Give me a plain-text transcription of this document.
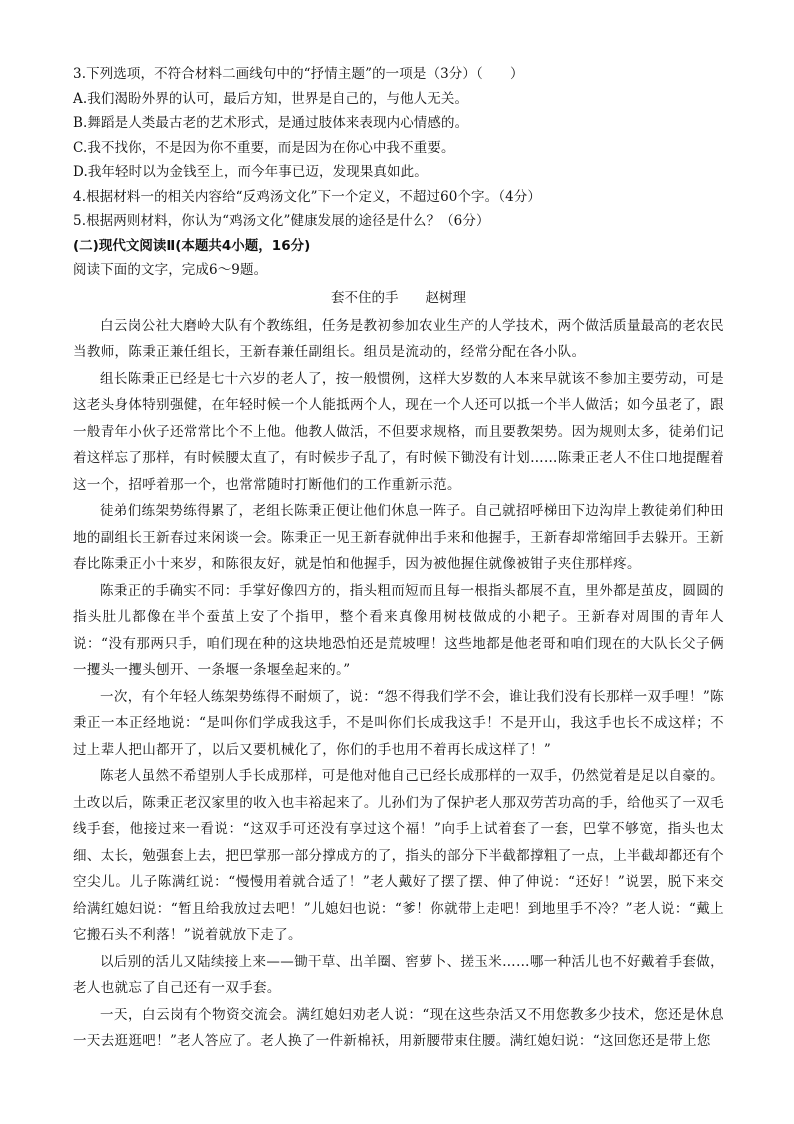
3.下列选项，不符合材料二画线句中的“抒情主题”的一项是（3分）（　　）

A.我们渴盼外界的认可，最后方知，世界是自己的，与他人无关。

B.舞蹈是人类最古老的艺术形式，是通过肢体来表现内心情感的。

C.我不找你，不是因为你不重要，而是因为在你心中我不重要。

D.我年轻时以为金钱至上，而今年事已迈，发现果真如此。

4.根据材料一的相关内容给“反鸡汤文化”下一个定义，不超过60个字。（4分）

5.根据两则材料，你认为“鸡汤文化”健康发展的途径是什么？（6分）

(二)现代文阅读Ⅱ(本题共4小题，16分)

阅读下面的文字，完成6～9题。

套不住的手　　赵树理

白云岗公社大磨岭大队有个教练组，任务是教初参加农业生产的人学技术，两个做活质量最高的老农民当教师，陈秉正兼任组长，王新春兼任副组长。组员是流动的，经常分配在各小队。

组长陈秉正已经是七十六岁的老人了，按一般惯例，这样大岁数的人本来早就该不参加主要劳动，可是这老头身体特别强健，在年轻时候一个人能抵两个人，现在一个人还可以抵一个半人做活；如今虽老了，跟一般青年小伙子还常常比个不上他。他教人做活，不但要求规格，而且要教架势。因为规则太多，徒弟们记着这样忘了那样，有时候腰太直了，有时候步子乱了，有时候下锄没有计划……陈秉正老人不住口地提醒着这一个，招呼着那一个，也常常随时打断他们的工作重新示范。

徒弟们练架势练得累了，老组长陈秉正便让他们休息一阵子。自己就招呼梯田下边沟岸上教徒弟们种田地的副组长王新春过来闲谈一会。陈秉正一见王新春就伸出手来和他握手，王新春却常缩回手去躲开。王新春比陈秉正小十来岁，和陈很友好，就是怕和他握手，因为被他握住就像被钳子夹住那样疼。

陈秉正的手确实不同：手掌好像四方的，指头粗而短而且每一根指头都展不直，里外都是茧皮，圆圆的指头肚儿都像在半个蚕茧上安了个指甲，整个看来真像用树枝做成的小耙子。王新春对周围的青年人说：“没有那两只手，咱们现在种的这块地恐怕还是荒坡哩！这些地都是他老哥和咱们现在的大队长父子俩一攫头一攫头刨开、一条堰一条堰垒起来的。”

一次，有个年轻人练架势练得不耐烦了，说：“怨不得我们学不会，谁让我们没有长那样一双手哩！”陈秉正一本正经地说：“是叫你们学成我这手，不是叫你们长成我这手！不是开山，我这手也长不成这样；不过上辈人把山都开了，以后又要机械化了，你们的手也用不着再长成这样了！”

陈老人虽然不希望别人手长成那样，可是他对他自己已经长成那样的一双手，仍然觉着是足以自豪的。土改以后，陈秉正老汉家里的收入也丰裕起来了。儿孙们为了保护老人那双劳苦功高的手，给他买了一双毛线手套，他接过来一看说：“这双手可还没有享过这个福！”向手上试着套了一套，巴掌不够宽，指头也太细、太长，勉强套上去，把巴掌那一部分撑成方的了，指头的部分下半截都撑粗了一点，上半截却都还有个空尖儿。儿子陈满红说：“慢慢用着就合适了！”老人戴好了摆了摆、伸了伸说：“还好！”说罢，脱下来交给满红媳妇说：“暂且给我放过去吧！”儿媳妇也说：“爹！你就带上走吧！到地里手不冷？”老人说：“戴上它搬石头不利落！”说着就放下走了。

以后别的活儿又陆续接上来——锄干草、出羊圈、窖萝卜、搓玉米……哪一种活儿也不好戴着手套做，老人也就忘了自己还有一双手套。

一天，白云岗有个物资交流会。满红媳妇劝老人说：“现在这些杂活又不用您教多少技术，您还是休息一天去逛逛吧！”老人答应了。老人换了一件新棉袄，用新腰带束住腰。满红媳妇说：“这回您还是带上您
